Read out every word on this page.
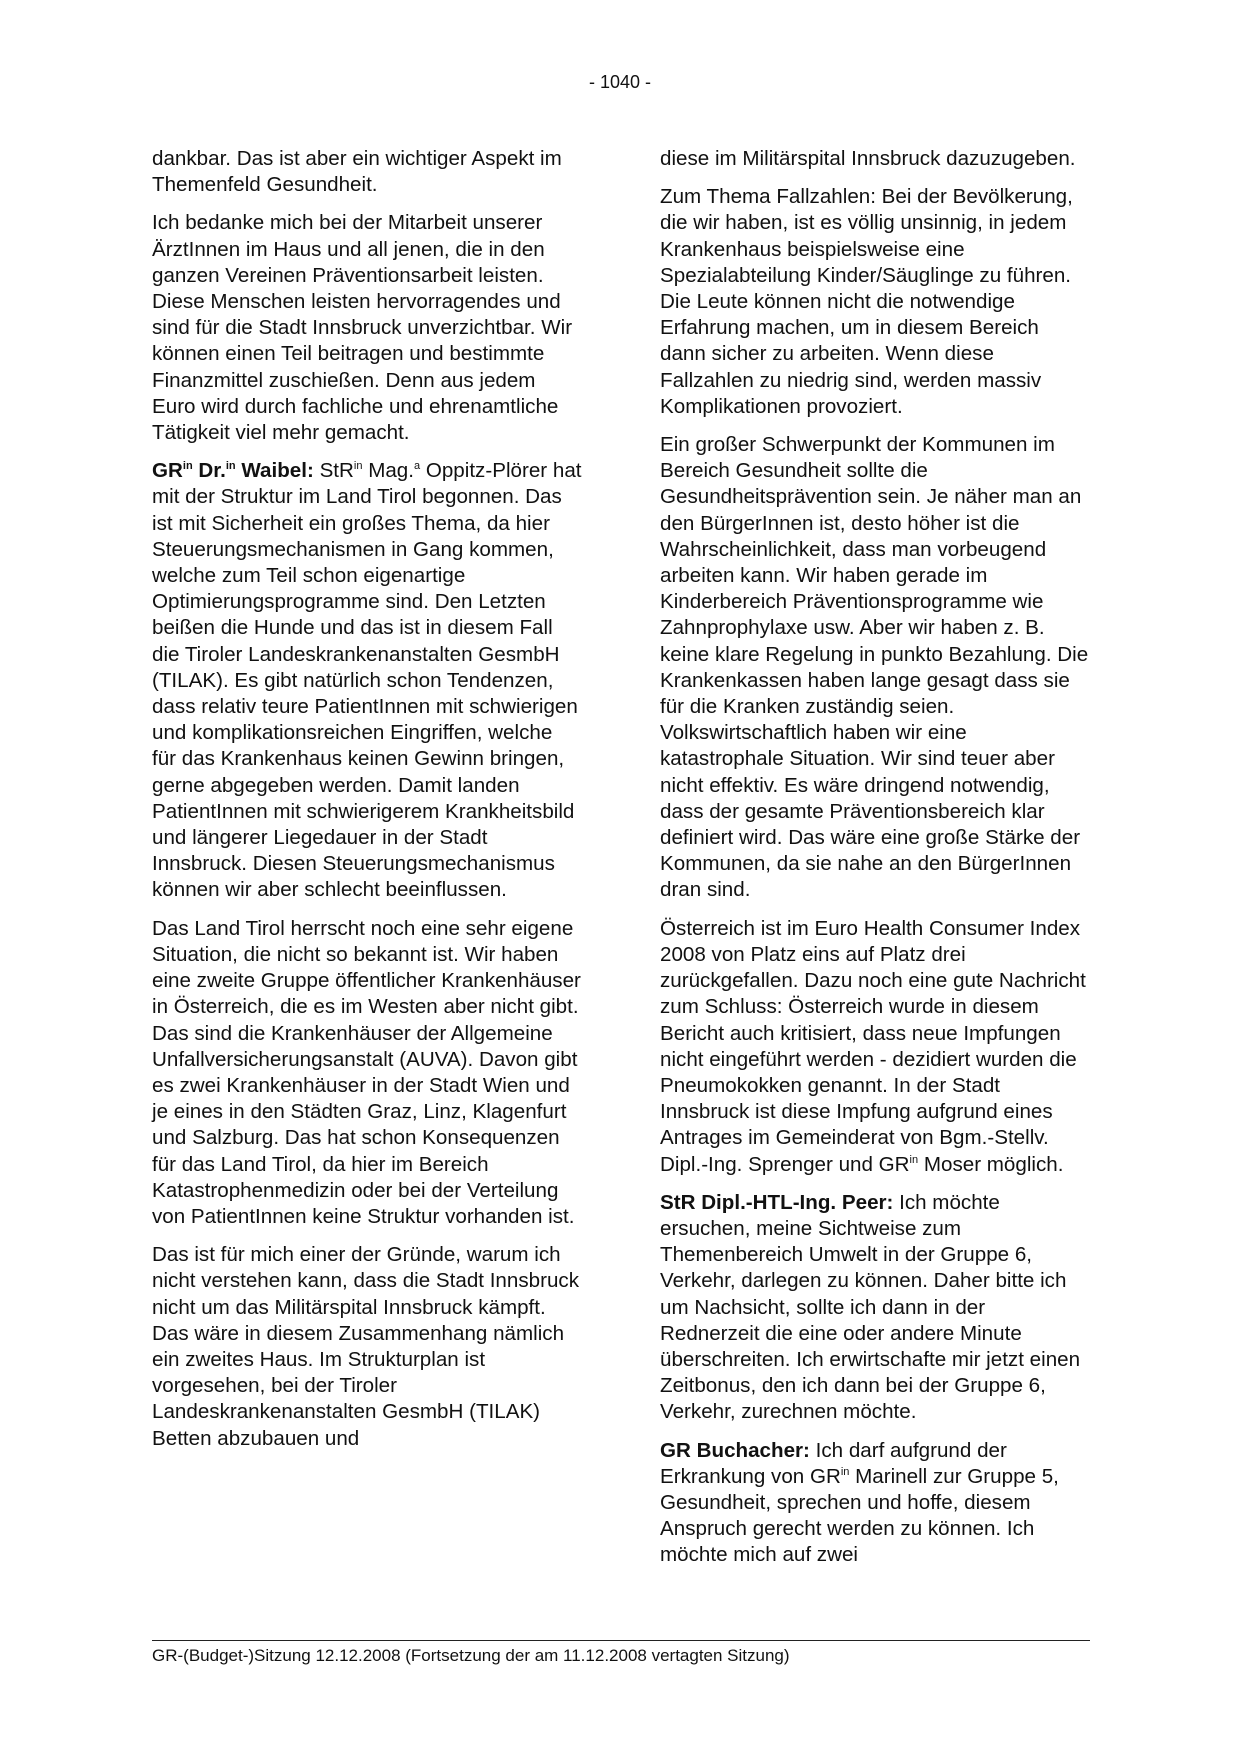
- 1040 -

dankbar. Das ist aber ein wichtiger Aspekt im Themenfeld Gesundheit.

Ich bedanke mich bei der Mitarbeit unserer ÄrztInnen im Haus und all jenen, die in den ganzen Vereinen Präventionsarbeit leisten. Diese Menschen leisten hervorragendes und sind für die Stadt Innsbruck unverzichtbar. Wir können einen Teil beitragen und bestimmte Finanzmittel zuschießen. Denn aus jedem Euro wird durch fachliche und ehrenamtliche Tätigkeit viel mehr gemacht.

$GR^{in}$ Dr.$^{in}$ Waibel: StR$^{in}$ Mag.$^a$ Oppitz-Plörer hat mit der Struktur im Land Tirol begonnen. Das ist mit Sicherheit ein großes Thema, da hier Steuerungsmechanismen in Gang kommen, welche zum Teil schon eigenartige Optimierungsprogramme sind. Den Letzten beißen die Hunde und das ist in diesem Fall die Tiroler Landeskrankenanstalten GesmbH (TILAK). Es gibt natürlich schon Tendenzen, dass relativ teure PatientInnen mit schwierigen und komplikationsreichen Eingriffen, welche für das Krankenhaus keinen Gewinn bringen, gerne abgegeben werden. Damit landen PatientInnen mit schwierigerem Krankheitsbild und längerer Liegedauer in der Stadt Innsbruck. Diesen Steuerungsmechanismus können wir aber schlecht beeinflussen.

Das Land Tirol herrscht noch eine sehr eigene Situation, die nicht so bekannt ist. Wir haben eine zweite Gruppe öffentlicher Krankenhäuser in Österreich, die es im Westen aber nicht gibt. Das sind die Krankenhäuser der Allgemeine Unfallversicherungsanstalt (AUVA). Davon gibt es zwei Krankenhäuser in der Stadt Wien und je eines in den Städten Graz, Linz, Klagenfurt und Salzburg. Das hat schon Konsequenzen für das Land Tirol, da hier im Bereich Katastrophenmedizin oder bei der Verteilung von PatientInnen keine Struktur vorhanden ist.

Das ist für mich einer der Gründe, warum ich nicht verstehen kann, dass die Stadt Innsbruck nicht um das Militärspital Innsbruck kämpft. Das wäre in diesem Zusammenhang nämlich ein zweites Haus. Im Strukturplan ist vorgesehen, bei der Tiroler Landeskrankenanstalten GesmbH (TILAK) Betten abzubauen und

diese im Militärspital Innsbruck dazuzugeben.

Zum Thema Fallzahlen: Bei der Bevölkerung, die wir haben, ist es völlig unsinnig, in jedem Krankenhaus beispielsweise eine Spezialabteilung Kinder/Säuglinge zu führen. Die Leute können nicht die notwendige Erfahrung machen, um in diesem Bereich dann sicher zu arbeiten. Wenn diese Fallzahlen zu niedrig sind, werden massiv Komplikationen provoziert.

Ein großer Schwerpunkt der Kommunen im Bereich Gesundheit sollte die Gesundheitsprävention sein. Je näher man an den BürgerInnen ist, desto höher ist die Wahrscheinlichkeit, dass man vorbeugend arbeiten kann. Wir haben gerade im Kinderbereich Präventionsprogramme wie Zahnprophylaxe usw. Aber wir haben z. B. keine klare Regelung in punkto Bezahlung. Die Krankenkassen haben lange gesagt dass sie für die Kranken zuständig seien. Volkswirtschaftlich haben wir eine katastrophale Situation. Wir sind teuer aber nicht effektiv. Es wäre dringend notwendig, dass der gesamte Präventionsbereich klar definiert wird. Das wäre eine große Stärke der Kommunen, da sie nahe an den BürgerInnen dran sind.

Österreich ist im Euro Health Consumer Index 2008 von Platz eins auf Platz drei zurückgefallen. Dazu noch eine gute Nachricht zum Schluss: Österreich wurde in diesem Bericht auch kritisiert, dass neue Impfungen nicht eingeführt werden - dezidiert wurden die Pneumokokken genannt. In der Stadt Innsbruck ist diese Impfung aufgrund eines Antrages im Gemeinderat von Bgm.-Stellv. Dipl.-Ing. Sprenger und $GR^{in}$ Moser möglich.

StR Dipl.-HTL-Ing. Peer: Ich möchte ersuchen, meine Sichtweise zum Themenbereich Umwelt in der Gruppe 6, Verkehr, darlegen zu können. Daher bitte ich um Nachsicht, sollte ich dann in der Rednerzeit die eine oder andere Minute überschreiten. Ich erwirtschafte mir jetzt einen Zeitbonus, den ich dann bei der Gruppe 6, Verkehr, zurechnen möchte.

GR Buchacher: Ich darf aufgrund der Erkrankung von $GR^{in}$ Marinell zur Gruppe 5, Gesundheit, sprechen und hoffe, diesem Anspruch gerecht werden zu können. Ich möchte mich auf zwei

GR-(Budget-)Sitzung 12.12.2008 (Fortsetzung der am 11.12.2008 vertagten Sitzung)
